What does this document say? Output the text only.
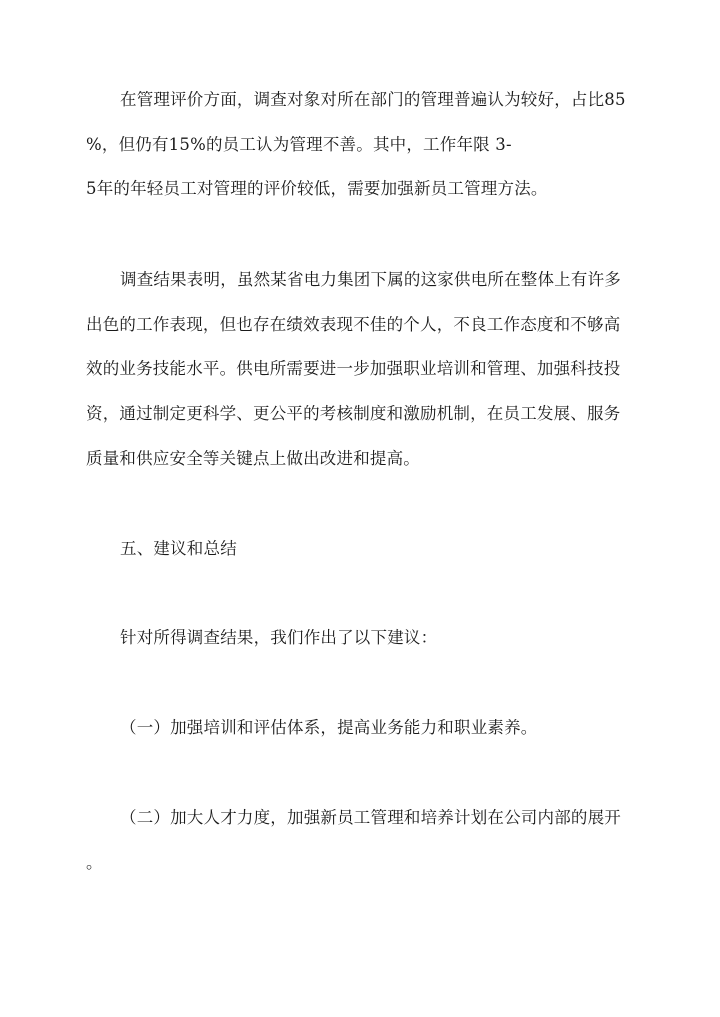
在管理评价方面，调查对象对所在部门的管理普遍认为较好，占比85
%，但仍有15%的员工认为管理不善。其中，工作年限 3-
5年的年轻员工对管理的评价较低，需要加强新员工管理方法。
调查结果表明，虽然某省电力集团下属的这家供电所在整体上有许多
出色的工作表现，但也存在绩效表现不佳的个人，不良工作态度和不够高
效的业务技能水平。供电所需要进一步加强职业培训和管理、加强科技投
资，通过制定更科学、更公平的考核制度和激励机制，在员工发展、服务
质量和供应安全等关键点上做出改进和提高。
五、建议和总结
针对所得调查结果，我们作出了以下建议：
（一）加强培训和评估体系，提高业务能力和职业素养。
（二）加大人才力度，加强新员工管理和培养计划在公司内部的展开
。
